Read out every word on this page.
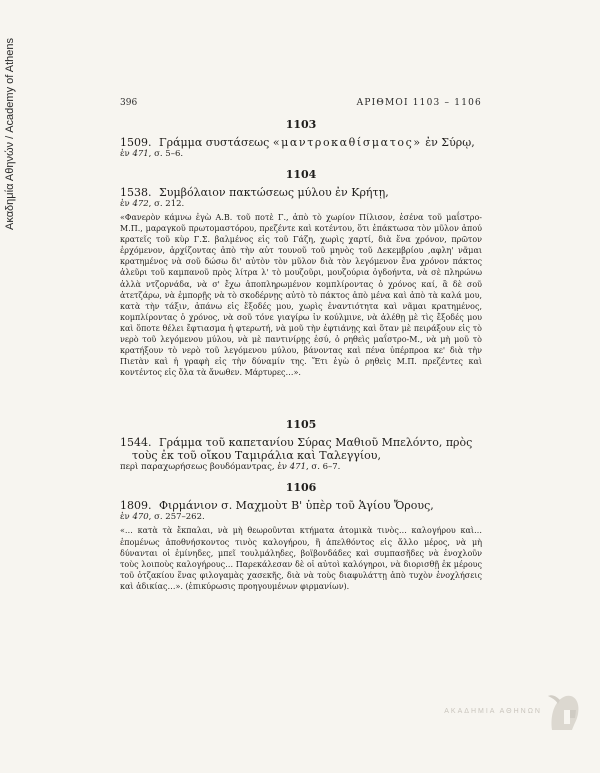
Ακαδημία Αθηνών / Academy of Athens	396	ΑΡΙΘΜΟΙ 1103 – 1106
1103
1509. Γράμμα συστάσεως «μαντροκαθίσματος» ἐν Σύρῳ,
ἐν 471, σ. 5–6.
1104
1538. Συμβόλαιον πακτώσεως μύλου ἐν Κρήτῃ,
ἐν 472, σ. 212.
«Φανερὸν κάμνω ἐγὼ Α.Β. τοῦ ποτὲ Γ., ἀπὸ τὸ χωρίον Πίλισον, ἐσένα τοῦ μαΐστρο-Μ.Π., μαραγκοῦ πρωτομαστόρου, πρεζέντε καὶ κοτέντου, ὅτι ἐπάκτωσα τὸν μῦλον ἀπού κρατεῖς τοῦ κὺρ Γ.Σ. βαλμένος εἰς τοῦ Γάζη, χωρὶς χαρτί, διὰ ἕνα χρόνον, πρῶτον ἐρχόμενον, ἀρχίζοντας ἀπὸ τὴν αὐτ τουνοῦ τοῦ μηνὸς τοῦ Δεκεμβρίου ,αφλη' νᾶμαι κρατημένος νὰ σοῦ δώσω δι' αὐτὸν τὸν μῦλον διὰ τὸν λεγόμενον ἕνα χρόνον πάκτος ἀλεῦρι τοῦ καμπανοῦ πρὸς λίτρα λ' τὸ μουζοῦρι, μουζούρια ὀγδοήντα, νὰ σὲ πληρώνω ἀλλὰ ντζορνάδα, νὰ σ' ἔχω ἀποπληρωμένον κομπλίροντας ὁ χρόνος καί, ἃ δὲ σοῦ ἀτετζάρω, νὰ ἐμπορῇς νὰ τὸ σκοδέρνῃς αὐτὸ τὸ πάκτος ἀπὸ μένα καὶ ἀπὸ τὰ καλά μου, κατὰ τὴν τάξιν, ἀπάνω εἰς ἔξοδές μου, χωρὶς ἐναντιότητα καὶ νᾶμαι κρατημένος, κομπλίροντας ὁ χρόνος, νὰ σοῦ τόνε γιαγίρω ἰν κούλμινε, νὰ ἀλέθῃ μὲ τὶς ἔξοδές μου καὶ ὅποτε θέλει ἔφτιασμα ἡ φτερωτή, νὰ μοῦ τὴν ἐφτιάνῃς καὶ ὅταν μὲ πειράξουν εἰς τὸ νερὸ τοῦ λεγόμενου μύλου, νὰ μὲ παντινίρῃς ἐσύ, ὁ ρηθεὶς μαΐστρο-Μ., νὰ μὴ μοῦ τὸ κρατήξουν τὸ νερὸ τοῦ λεγόμενου μύλου, βάνοντας καὶ πένα ὑπέρπροα κε' διὰ τὴν Πιετὰν καὶ ἡ γραφὴ εἰς τὴν δύναμίν της. Ἔτι ἐγὼ ὁ ρηθεὶς Μ.Π. πρεζέντες καὶ κοντέντος εἰς ὅλα τὰ ἄνωθεν. Μάρτυρες…».
1105
1544. Γράμμα τοῦ καπετανίου Σύρας Μαθιοῦ Μπελόντο, πρὸς τοὺς ἐκ τοῦ οἴκου Ταμιράλια καὶ Ταλεγγίου,
περὶ παραχωρήσεως βουδόμαντρας, ἐν 471, σ. 6–7.
1106
1809. Φιρμάνιον σ. Μαχμοὺτ Β' ὑπὲρ τοῦ Ἁγίου Ὄρους,
ἐν 470, σ. 257–262.
«… κατὰ τὰ ἔκπαλαι, νὰ μὴ θεωροῦνται κτήματα ἀτομικὰ τινὸς… καλογήρου καὶ… ἐπομένως ἀποθνήσκοντος τινὸς καλογήρου, ἢ ἀπελθόντος εἰς ἄλλο μέρος, νὰ μὴ δύνανται οἱ ἐμίνηδες, μπεῖ τουλμάληδες, βοϊβονδάδες καὶ συμπασῆδες νὰ ἐνοχλοῦν τοὺς λοιποὺς καλογήρους… Παρεκάλεσαν δὲ οἱ αὐτοὶ καλόγηροι, νὰ διορισθῇ ἐκ μέρους τοῦ ὀτζακίου ἕνας φιλογαμὰς χασεκῆς, διὰ νὰ τοὺς διαφυλάττῃ ἀπὸ τυχὸν ἐνοχλήσεις καὶ ἀδικίας…». (ἐπικύρωσις προηγουμένων φιρμανίων).
ΑΚΑΔΗΜΙΑ ΑΘΗΝΩΝ
